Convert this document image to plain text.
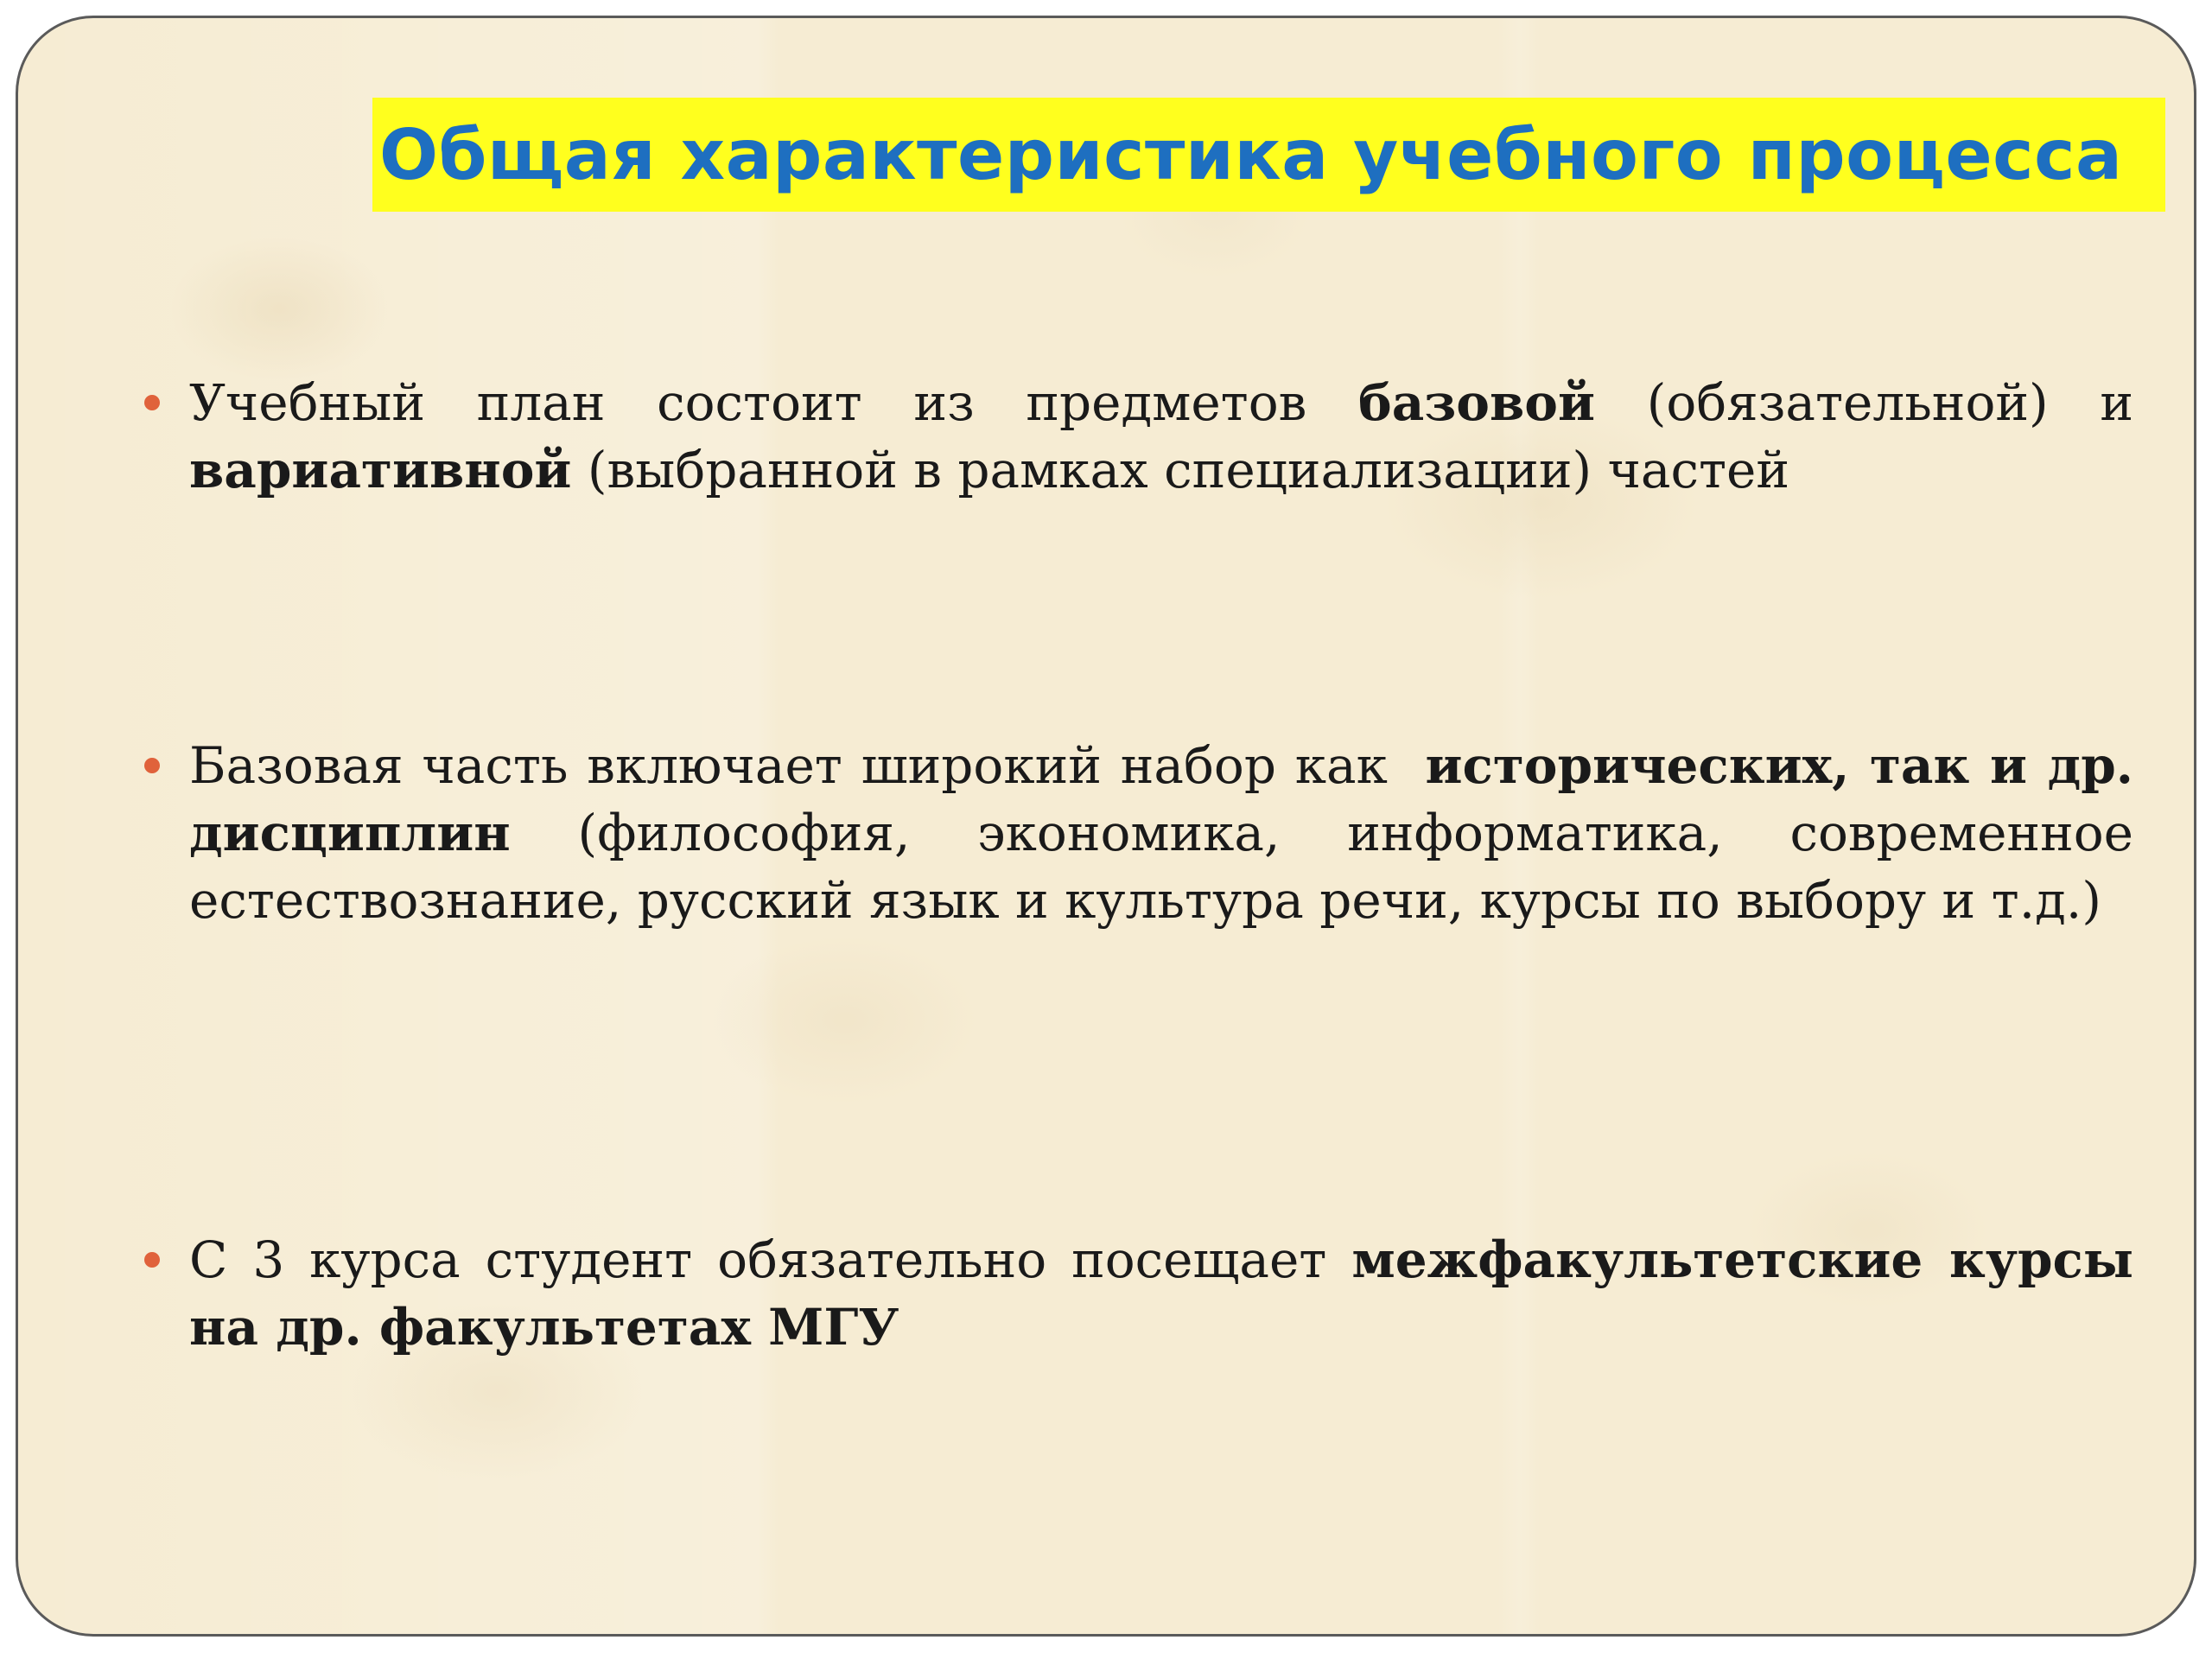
Общая характеристика учебного процесса
Учебный план состоит из предметов базовой (обязательной) и вариативной (выбранной в рамках специализации) частей
Базовая часть включает широкий набор как  исторических, так и др. дисциплин (философия, экономика, информатика, современное естествознание, русский язык и культура речи, курсы по выбору и т.д.)
С 3 курса студент обязательно посещает межфакультетские курсы на др. факультетах МГУ
